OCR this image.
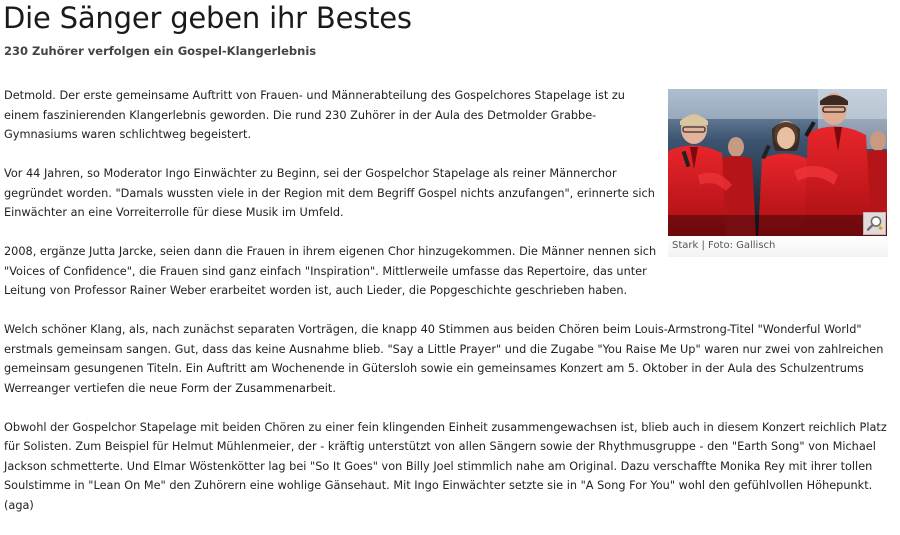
Die Sänger geben ihr Bestes
230 Zuhörer verfolgen ein Gospel-Klangerlebnis
Stark | Foto: Gallisch

Detmold. Der erste gemeinsame Auftritt von Frauen- und Männerabteilung des Gospelchores Stapelage ist zu einem faszinierenden Klangerlebnis geworden. Die rund 230 Zuhörer in der Aula des Detmolder Grabbe-Gymnasiums waren schlichtweg begeistert.

Vor 44 Jahren, so Moderator Ingo Einwächter zu Beginn, sei der Gospelchor Stapelage als reiner Männerchor gegründet worden. "Damals wussten viele in der Region mit dem Begriff Gospel nichts anzufangen", erinnerte sich Einwächter an eine Vorreiterrolle für diese Musik im Umfeld.

2008, ergänze Jutta Jarcke, seien dann die Frauen in ihrem eigenen Chor hinzugekommen. Die Männer nennen sich "Voices of Confidence", die Frauen sind ganz einfach "Inspiration". Mittlerweile umfasse das Repertoire, das unter Leitung von Professor Rainer Weber erarbeitet worden ist, auch Lieder, die Popgeschichte geschrieben haben.

Welch schöner Klang, als, nach zunächst separaten Vorträgen, die knapp 40 Stimmen aus beiden Chören beim Louis-Armstrong-Titel "Wonderful World" erstmals gemeinsam sangen. Gut, dass das keine Ausnahme blieb. "Say a Little Prayer" und die Zugabe "You Raise Me Up" waren nur zwei von zahlreichen gemeinsam gesungenen Titeln. Ein Auftritt am Wochenende in Gütersloh sowie ein gemeinsames Konzert am 5. Oktober in der Aula des Schulzentrums Werreanger vertiefen die neue Form der Zusammenarbeit.

Obwohl der Gospelchor Stapelage mit beiden Chören zu einer fein klingenden Einheit zusammengewachsen ist, blieb auch in diesem Konzert reichlich Platz für Solisten. Zum Beispiel für Helmut Mühlenmeier, der - kräftig unterstützt von allen Sängern sowie der Rhythmusgruppe - den "Earth Song" von Michael Jackson schmetterte. Und Elmar Wöstenkötter lag bei "So It Goes" von Billy Joel stimmlich nahe am Original. Dazu verschaffte Monika Rey mit ihrer tollen Soulstimme in "Lean On Me" den Zuhörern eine wohlige Gänsehaut. Mit Ingo Einwächter setzte sie in "A Song For You" wohl den gefühlvollen Höhepunkt. (aga)
